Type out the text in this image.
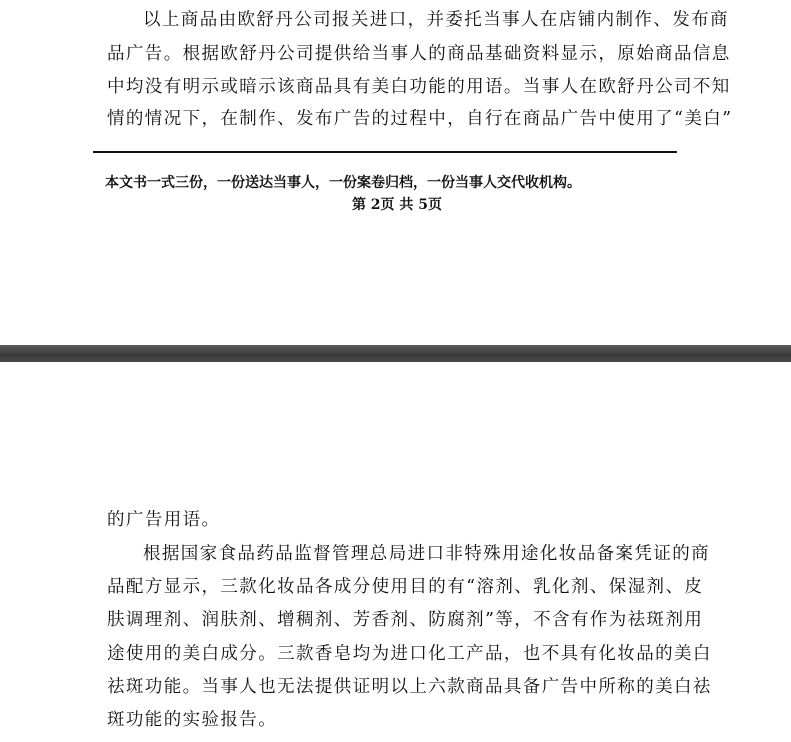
以上商品由欧舒丹公司报关进口，并委托当事人在店铺内制作、发布商
品广告。根据欧舒丹公司提供给当事人的商品基础资料显示，原始商品信息
中均没有明示或暗示该商品具有美白功能的用语。当事人在欧舒丹公司不知
情的情况下，在制作、发布广告的过程中，自行在商品广告中使用了“美白”
本文书一式三份，一份送达当事人，一份案卷归档，一份当事人交代收机构。
第 2页 共 5页
的广告用语。
根据国家食品药品监督管理总局进口非特殊用途化妆品备案凭证的商
品配方显示，三款化妆品各成分使用目的有“溶剂、乳化剂、保湿剂、皮
肤调理剂、润肤剂、增稠剂、芳香剂、防腐剂”等，不含有作为祛斑剂用
途使用的美白成分。三款香皂均为进口化工产品，也不具有化妆品的美白
祛斑功能。当事人也无法提供证明以上六款商品具备广告中所称的美白祛
斑功能的实验报告。
